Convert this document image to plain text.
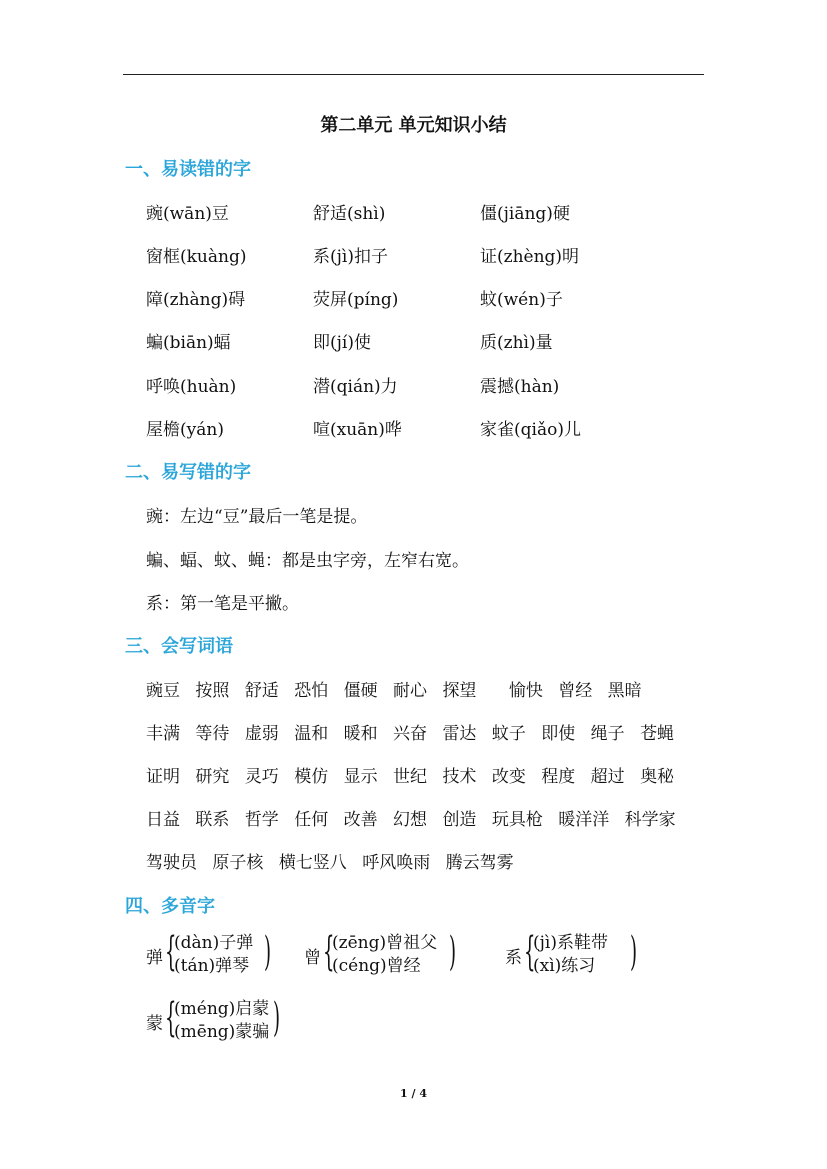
第二单元 单元知识小结
一、易读错的字
豌(wān)豆	舒适(shì)	僵(jiāng)硬
窗框(kuàng)	系(jì)扣子	证(zhèng)明
障(zhàng)碍	荧屏(píng)	蚊(wén)子
蝙(biān)蝠	即(jí)使	质(zhì)量
呼唤(huàn)	潜(qián)力	震撼(hàn)
屋檐(yán)	喧(xuān)哗	家雀(qiǎo)儿
二、易写错的字
豌：左边“豆”最后一笔是提。
蝙、蝠、蚊、蝇：都是虫字旁，左窄右宽。
系：第一笔是平撇。
三、会写词语
豌豆 按照 舒适 恐怕 僵硬 耐心 探望 愉快 曾经 黑暗
丰满 等待 虚弱 温和 暖和 兴奋 雷达 蚊子 即使 绳子 苍蝇
证明 研究 灵巧 模仿 显示 世纪 技术 改变 程度 超过 奥秘
日益 联系 哲学 任何 改善 幻想 创造 玩具枪 暖洋洋 科学家
驾驶员 原子核 横七竖八 呼风唤雨 腾云驾雾
四、多音字
弹 {
(dàn)子弹
(tán)弹琴 ) 曾 {
(zēng)曾祖父
(céng)曾经 )	系 {
(jì)系鞋带
(xì)练习 )
蒙 {
(méng)启蒙
(mēng)蒙骗 )
1 / 4
